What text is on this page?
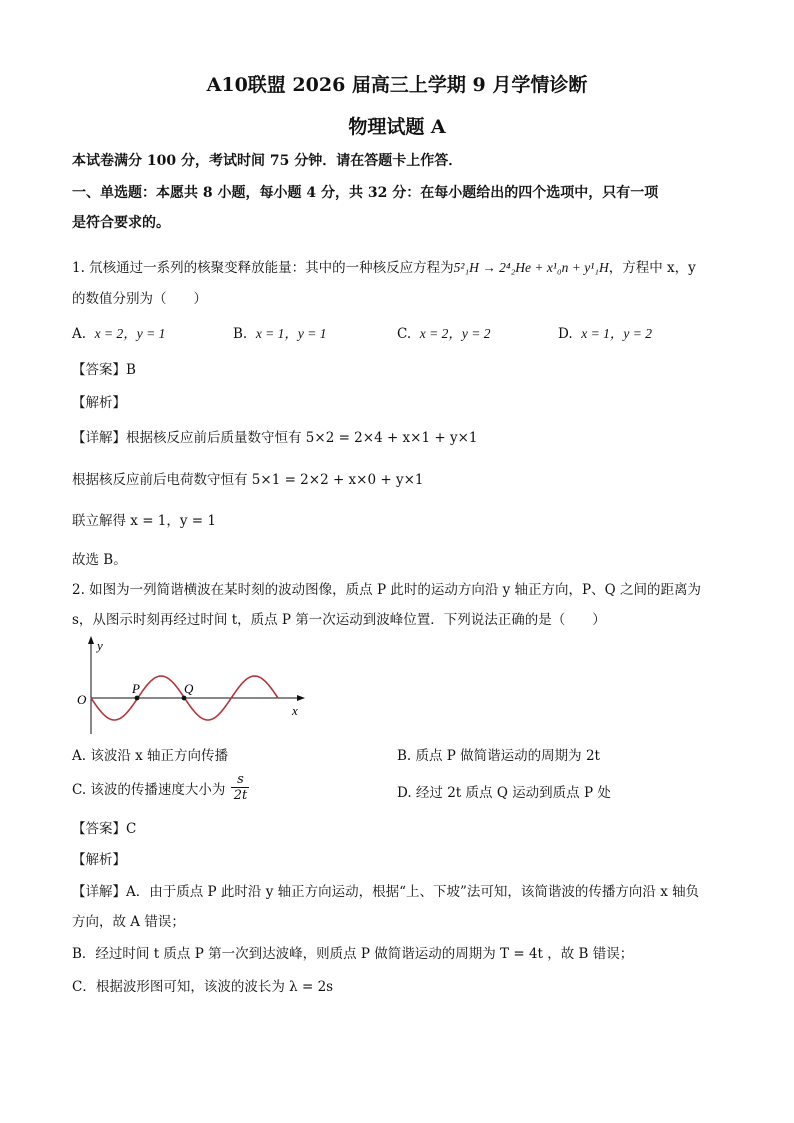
A10联盟 2026 届高三上学期 9 月学情诊断
物理试题 A
本试卷满分 100 分，考试时间 75 分钟．请在答题卡上作答．
一、单选题：本愿共 8 小题，每小题 4 分，共 32 分：在每小题给出的四个选项中，只有一项
是符合要求的。
1. 氘核通过一系列的核聚变释放能量：其中的一种核反应方程为5²₁H → 2⁴₂He + x¹₀n + y¹₁H，方程中 x，y
的数值分别为（　　）
A. x = 2，y = 1	B. x = 1，y = 1	C. x = 2，y = 2	D. x = 1，y = 2
【答案】B
【解析】
【详解】根据核反应前后质量数守恒有 5×2 = 2×4 + x×1 + y×1
根据核反应前后电荷数守恒有 5×1 = 2×2 + x×0 + y×1
联立解得 x = 1，y = 1
故选 B。
2. 如图为一列简谐横波在某时刻的波动图像，质点 P 此时的运动方向沿 y 轴正方向，P、Q 之间的距离为
s，从图示时刻再经过时间 t，质点 P 第一次运动到波峰位置．下列说法正确的是（　　）
y
x
O
P	Q
A. 该波沿 x 轴正方向传播	B. 质点 P 做简谐运动的周期为 2t
C. 该波的传播速度大小为
s
2t	D. 经过 2t 质点 Q 运动到质点 P 处
【答案】C
【解析】
【详解】A．由于质点 P 此时沿 y 轴正方向运动，根据“上、下坡”法可知，该简谐波的传播方向沿 x 轴负
方向，故 A 错误；
B．经过时间 t 质点 P 第一次到达波峰，则质点 P 做简谐运动的周期为 T = 4t ，故 B 错误；
C．根据波形图可知，该波的波长为 λ = 2s
